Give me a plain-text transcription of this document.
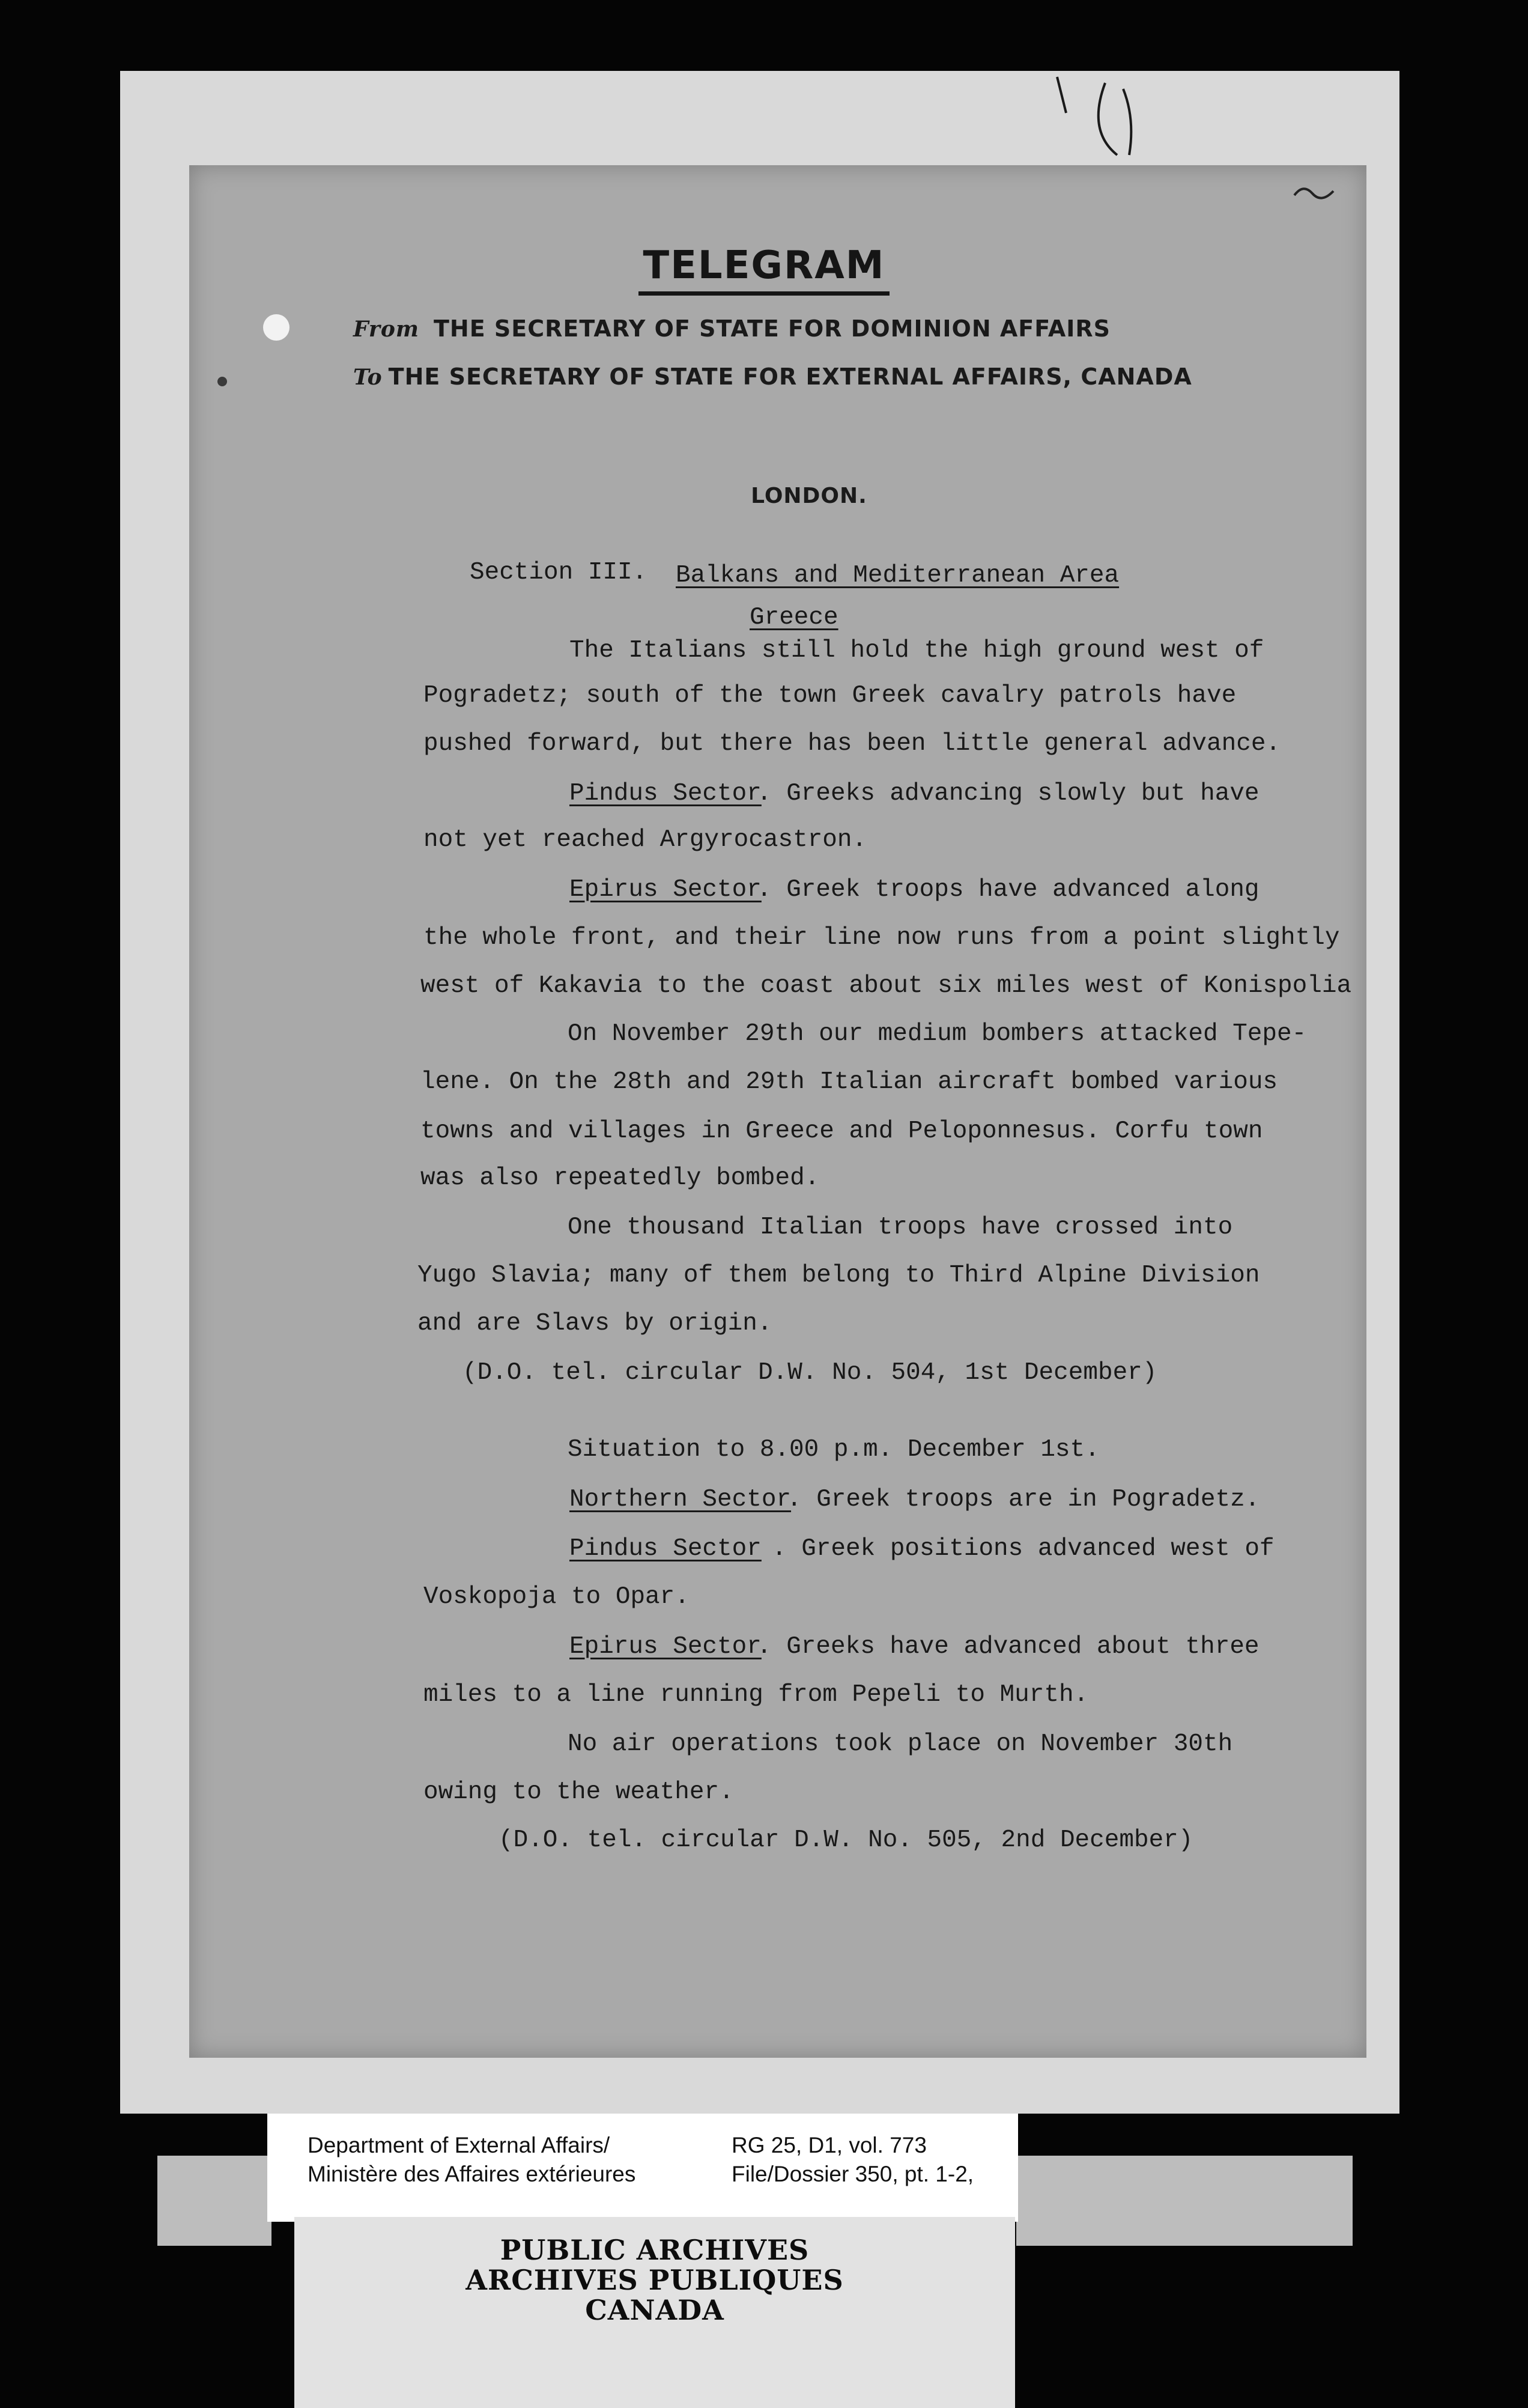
TELEGRAM
From THE SECRETARY OF STATE FOR DOMINION AFFAIRS
To THE SECRETARY OF STATE FOR EXTERNAL AFFAIRS, CANADA
LONDON.
Section III. Balkans and Mediterranean Area
Greece
The Italians still hold the high ground west of
Pogradetz; south of the town Greek cavalry patrols have
pushed forward, but there has been little general advance.
Pindus Sector
. Greeks advancing slowly but have
not yet reached Argyrocastron.
Epirus Sector
. Greek troops have advanced along
the whole front, and their line now runs from a point slightly
west of Kakavia to the coast about six miles west of Konispolia
On November 29th our medium bombers attacked Tepe-
lene. On the 28th and 29th Italian aircraft bombed various
towns and villages in Greece and Peloponnesus. Corfu town
was also repeatedly bombed.
One thousand Italian troops have crossed into
Yugo Slavia; many of them belong to Third Alpine Division
and are Slavs by origin.
(D.O. tel. circular D.W. No. 504, 1st December)
Situation to 8.00 p.m. December 1st.
Northern Sector
. Greek troops are in Pogradetz.
Pindus Sector . Greek positions advanced west of
Voskopoja to Opar.
Epirus Sector
. Greeks have advanced about three
miles to a line running from Pepeli to Murth.
No air operations took place on November 30th
owing to the weather.
(D.O. tel. circular D.W. No. 505, 2nd December)
Department of External Affairs/
Ministère des Affaires extérieures
RG 25, D1, vol. 773
File/Dossier 350, pt. 1-2,
PUBLIC ARCHIVES
ARCHIVES PUBLIQUES
CANADA
